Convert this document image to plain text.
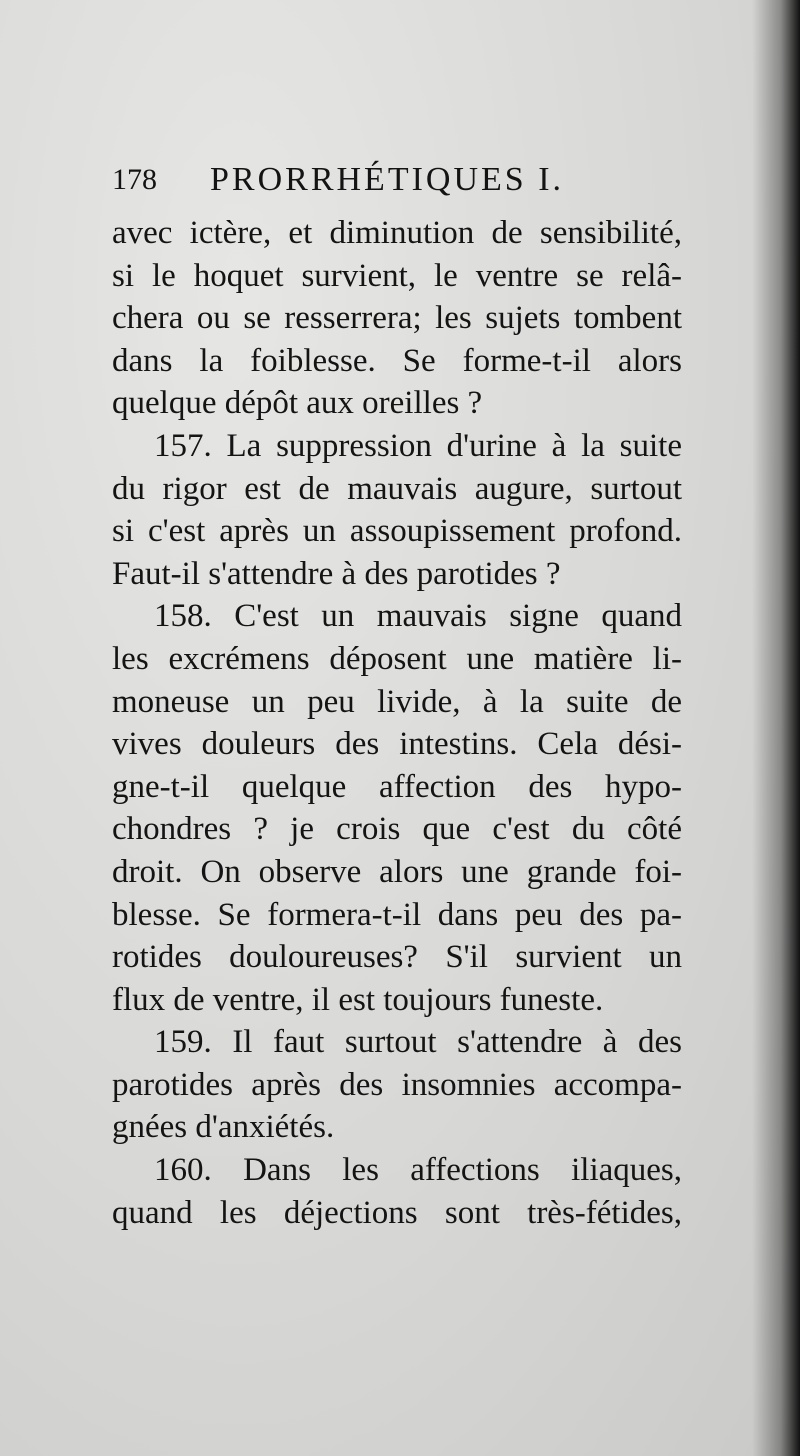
178 PRORRHÉTIQUES I.
avec ictère, et diminution de sensibilité,
si le hoquet survient, le ventre se relâ-
chera ou se resserrera; les sujets tombent
dans la foiblesse. Se forme-t-il alors
quelque dépôt aux oreilles ?
157. La suppression d'urine à la suite
du rigor est de mauvais augure, surtout
si c'est après un assoupissement profond.
Faut-il s'attendre à des parotides ?
158. C'est un mauvais signe quand
les excrémens déposent une matière li-
moneuse un peu livide, à la suite de
vives douleurs des intestins. Cela dési-
gne-t-il quelque affection des hypo-
chondres ? je crois que c'est du côté
droit. On observe alors une grande foi-
blesse. Se formera-t-il dans peu des pa-
rotides douloureuses? S'il survient un
flux de ventre, il est toujours funeste.
159. Il faut surtout s'attendre à des
parotides après des insomnies accompa-
gnées d'anxiétés.
160. Dans les affections iliaques,
quand les déjections sont très-fétides,
